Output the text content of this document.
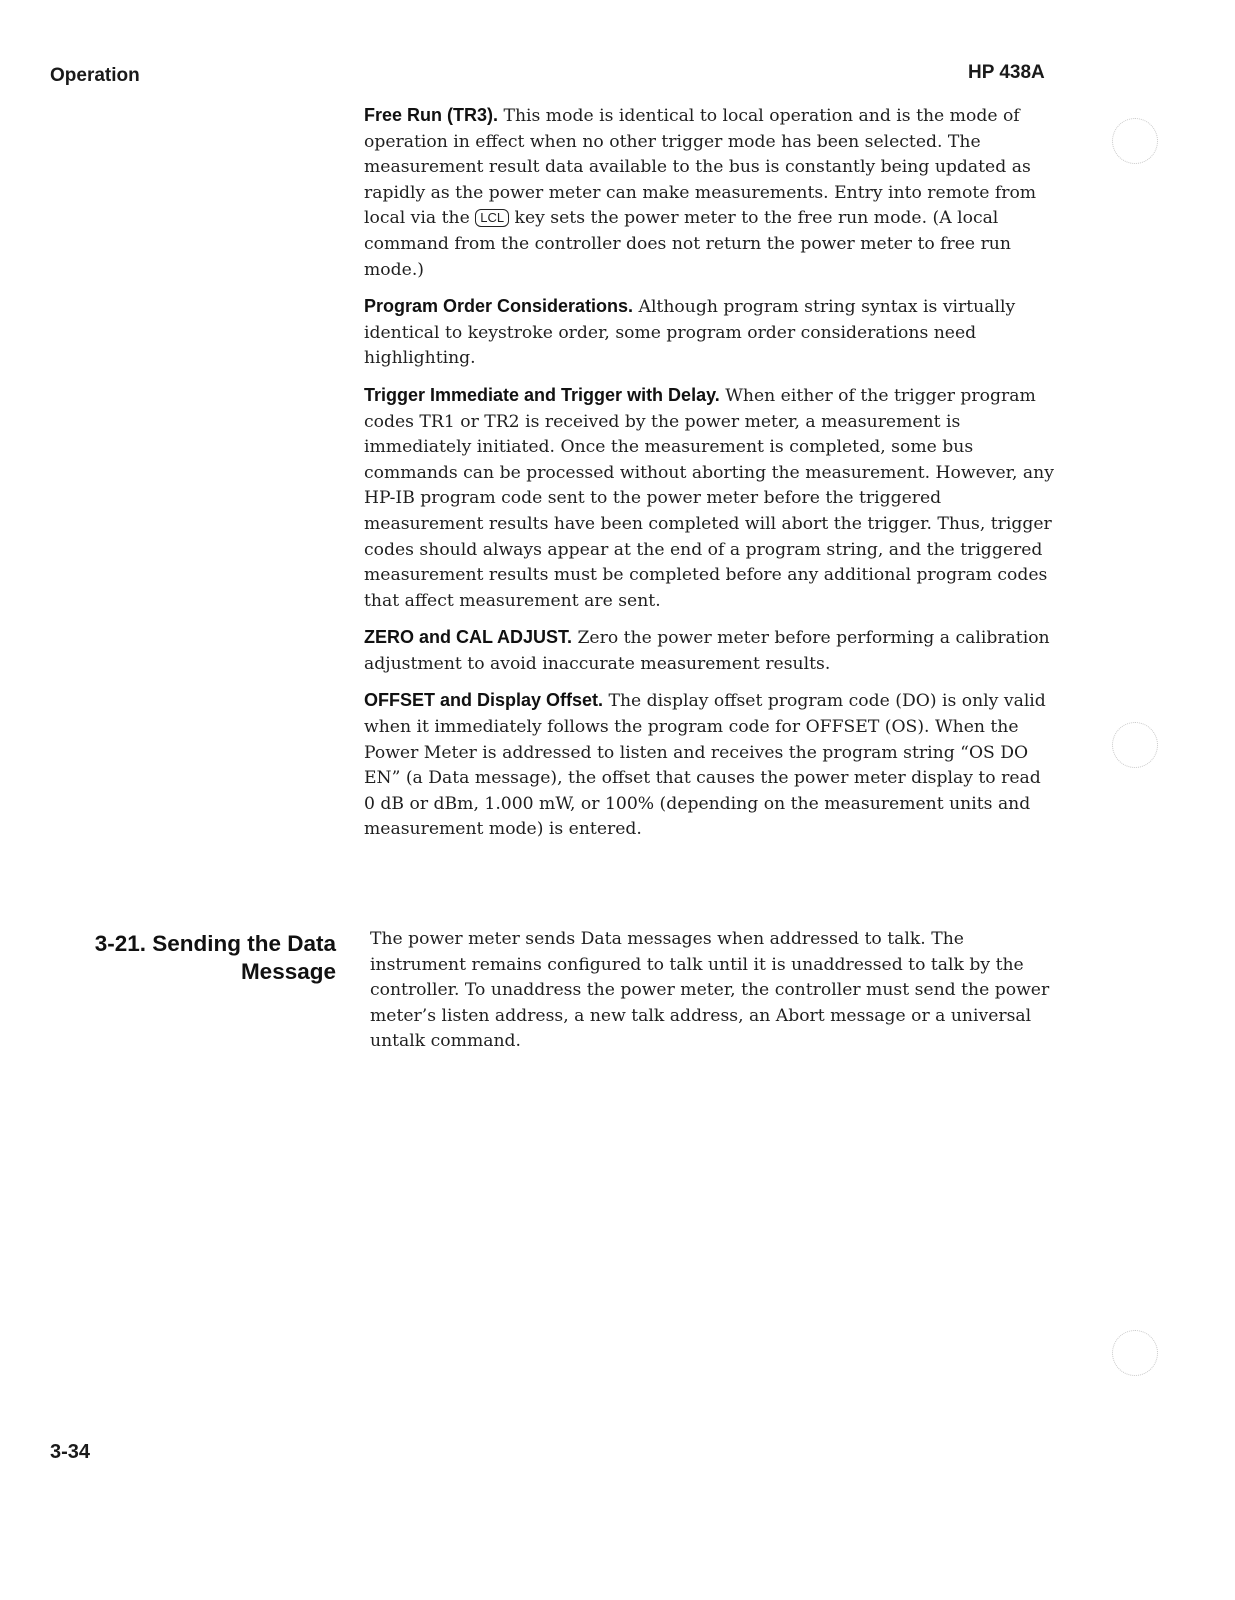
Operation	HP 438A

Free Run (TR3). This mode is identical to local operation and is the mode of operation in effect when no other trigger mode has been selected. The measurement result data available to the bus is constantly being updated as rapidly as the power meter can make measurements. Entry into remote from local via the LCL key sets the power meter to the free run mode. (A local command from the controller does not return the power meter to free run mode.)

Program Order Considerations. Although program string syntax is virtually identical to keystroke order, some program order considerations need highlighting.

Trigger Immediate and Trigger with Delay. When either of the trigger program codes TR1 or TR2 is received by the power meter, a measurement is immediately initiated. Once the measurement is completed, some bus commands can be processed without aborting the measurement. However, any HP-IB program code sent to the power meter before the triggered measurement results have been completed will abort the trigger. Thus, trigger codes should always appear at the end of a program string, and the triggered measurement results must be completed before any additional program codes that affect measurement are sent.

ZERO and CAL ADJUST. Zero the power meter before performing a calibration adjustment to avoid inaccurate measurement results.

OFFSET and Display Offset. The display offset program code (DO) is only valid when it immediately follows the program code for OFFSET (OS). When the Power Meter is addressed to listen and receives the program string “OS DO EN” (a Data message), the offset that causes the power meter display to read 0 dB or dBm, 1.000 mW, or 100% (depending on the measurement units and measurement mode) is entered.

3-21. Sending the Data
Message

The power meter sends Data messages when addressed to talk. The instrument remains configured to talk until it is unaddressed to talk by the controller. To unaddress the power meter, the controller must send the power meter’s listen address, a new talk address, an Abort message or a universal untalk command.

3-34
